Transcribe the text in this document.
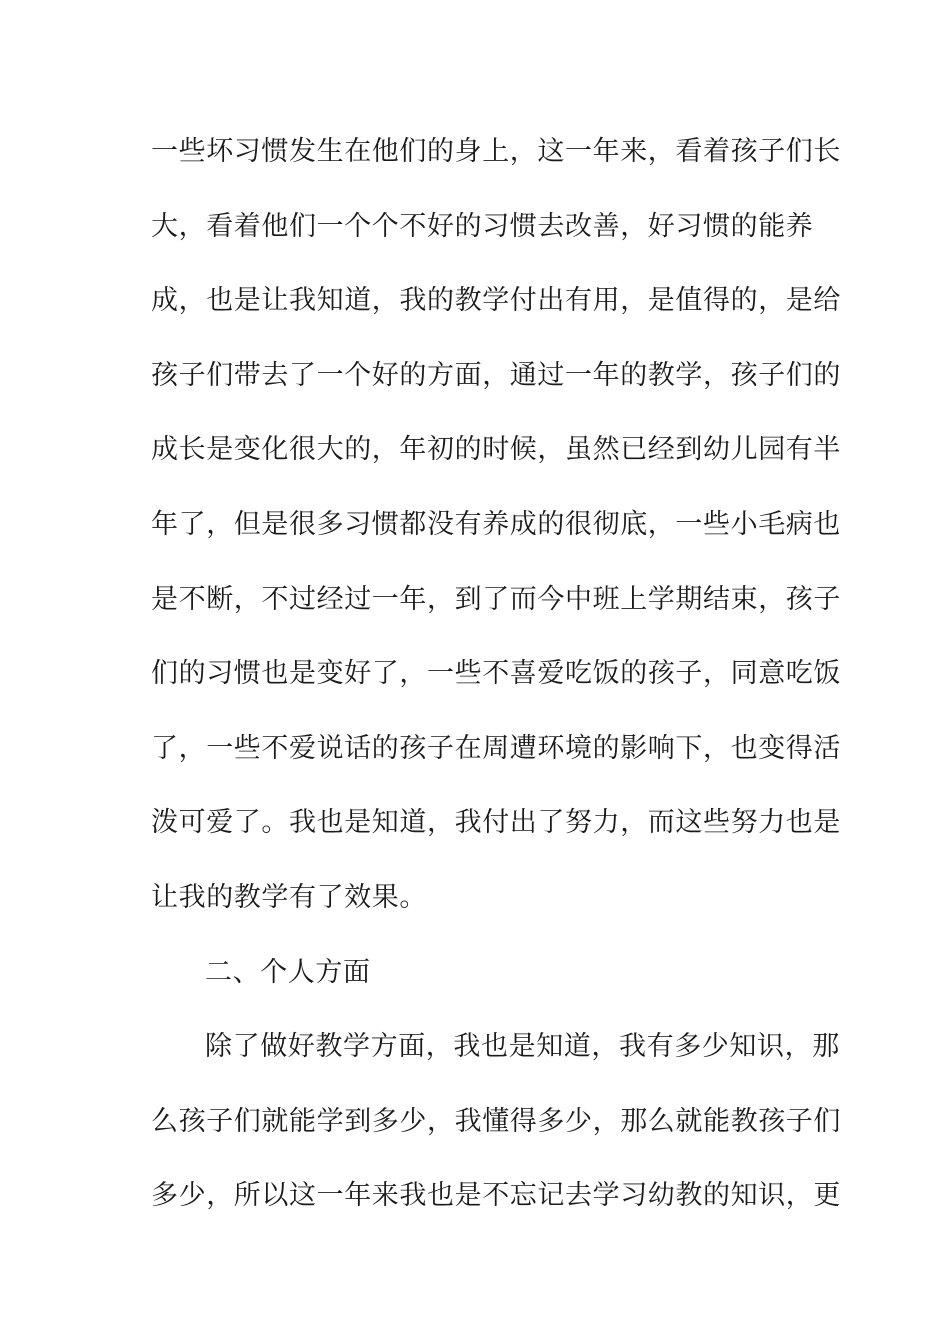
一些坏习惯发生在他们的身上，这一年来，看着孩子们长
大，看着他们一个个不好的习惯去改善，好习惯的能养
成，也是让我知道，我的教学付出有用，是值得的，是给
孩子们带去了一个好的方面，通过一年的教学，孩子们的
成长是变化很大的，年初的时候，虽然已经到幼儿园有半
年了，但是很多习惯都没有养成的很彻底，一些小毛病也
是不断，不过经过一年，到了而今中班上学期结束，孩子
们的习惯也是变好了，一些不喜爱吃饭的孩子，同意吃饭
了，一些不爱说话的孩子在周遭环境的影响下，也变得活
泼可爱了。我也是知道，我付出了努力，而这些努力也是
让我的教学有了效果。
二、个人方面
除了做好教学方面，我也是知道，我有多少知识，那
么孩子们就能学到多少，我懂得多少，那么就能教孩子们
多少，所以这一年来我也是不忘记去学习幼教的知识，更
